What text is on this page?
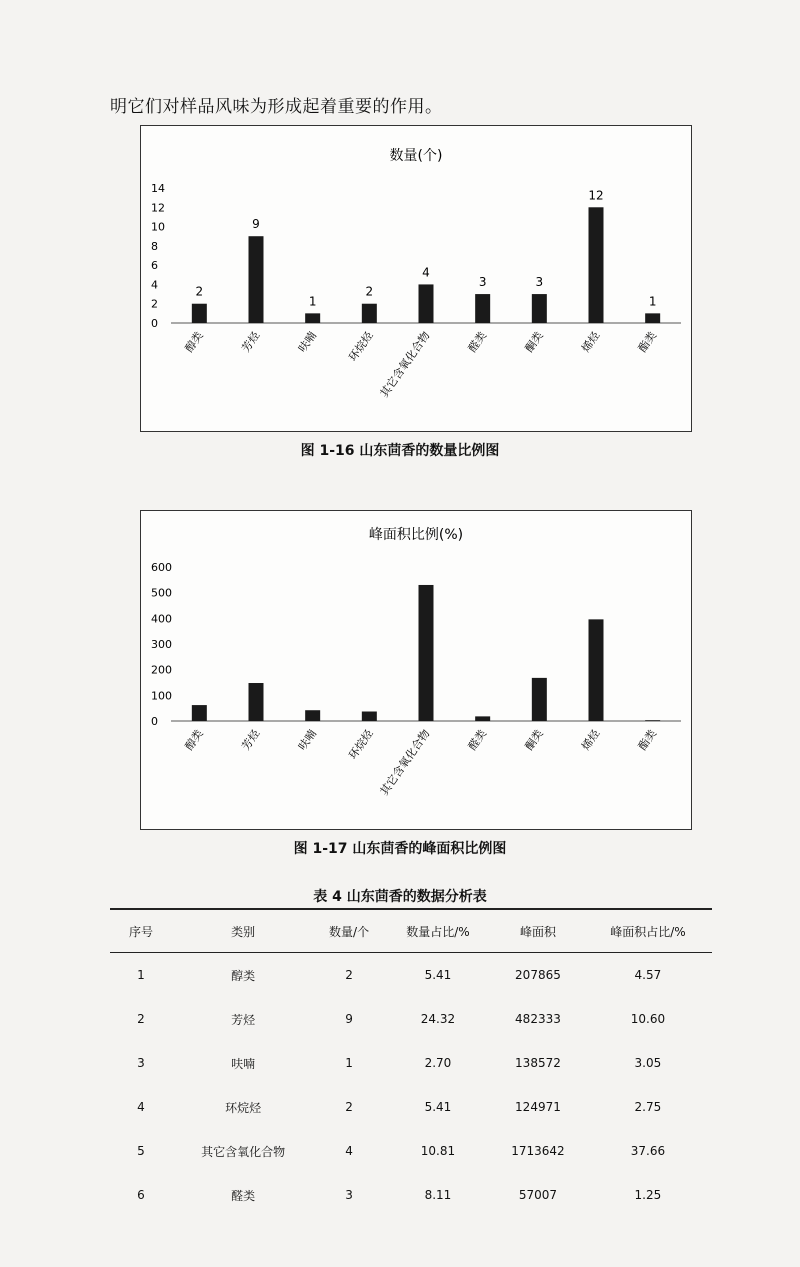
明它们对样品风味为形成起着重要的作用。
数量(个)
0
2
4
6
8
10
12
14
2
醇类
9
芳烃
1
呋喃
2
环烷烃
4
其它含氧化合物
3
醛类
3
酮类
12
烯烃
1
酯类
图 1-16 山东茴香的数量比例图
峰面积比例(%)
0
100
200
300
400
500
600
醇类	芳烃	呋喃 环烷烃 其它含氧化合物	醛类	酮类	烯烃	酯类
图 1-17 山东茴香的峰面积比例图
表 4 山东茴香的数据分析表
序号	类别	数量/个	数量占比/%	峰面积	峰面积占比/%
1	醇类	2	5.41	207865	4.57
2	芳烃	9	24.32	482333	10.60
3	呋喃	1	2.70	138572	3.05
4	环烷烃	2	5.41	124971	2.75
5	其它含氧化合物	4	10.81	1713642	37.66
6	醛类	3	8.11	57007	1.25
